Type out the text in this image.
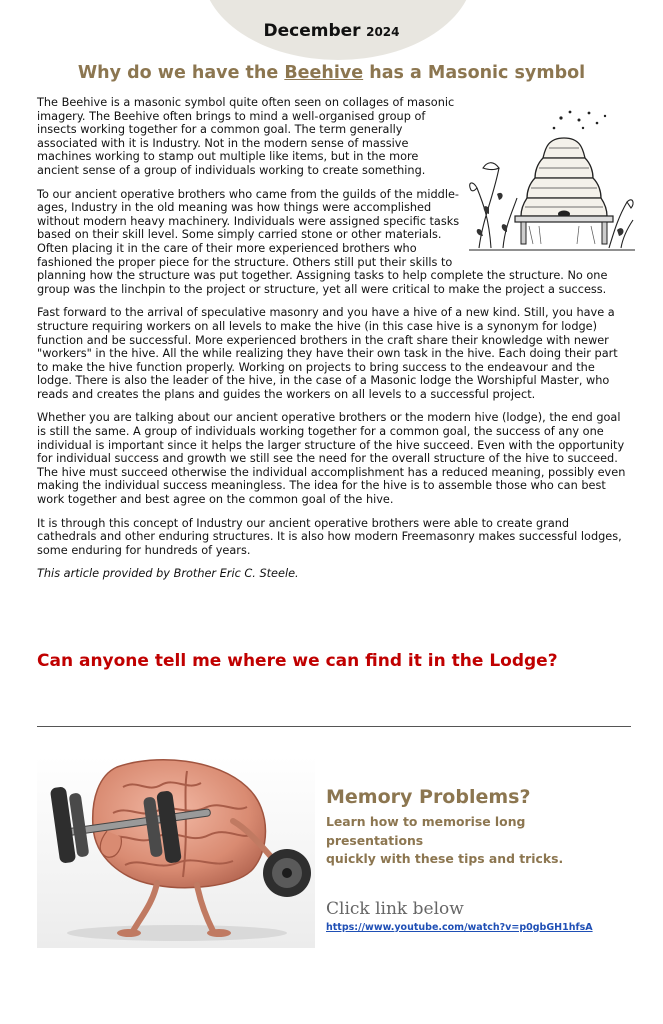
December 2024
Why do we have the Beehive has a Masonic symbol

The Beehive is a masonic symbol quite often seen on collages of masonic imagery. The Beehive often brings to mind a well-organised group of insects working together for a common goal. The term generally associated with it is Industry. Not in the modern sense of massive machines working to stamp out multiple like items, but in the more ancient sense of a group of individuals working to create something.

To our ancient operative brothers who came from the guilds of the middle-ages, Industry in the old meaning was how things were accomplished without modern heavy machinery. Individuals were assigned specific tasks based on their skill level. Some simply carried stone or other materials. Often placing it in the care of their more experienced brothers who fashioned the proper piece for the structure. Others still put their skills to planning how the structure was put together. Assigning tasks to help complete the structure. No one group was the linchpin to the project or structure, yet all were critical to make the project a success.

Fast forward to the arrival of speculative masonry and you have a hive of a new kind. Still, you have a structure requiring workers on all levels to make the hive (in this case hive is a synonym for lodge) function and be successful. More experienced brothers in the craft share their knowledge with newer "workers" in the hive. All the while realizing they have their own task in the hive. Each doing their part to make the hive function properly. Working on projects to bring success to the endeavour and the lodge. There is also the leader of the hive, in the case of a Masonic lodge the Worshipful Master, who reads and creates the plans and guides the workers on all levels to a successful project.

Whether you are talking about our ancient operative brothers or the modern hive (lodge), the end goal is still the same. A group of individuals working together for a common goal, the success of any one individual is important since it helps the larger structure of the hive succeed. Even with the opportunity for individual success and growth we still see the need for the overall structure of the hive to succeed. The hive must succeed otherwise the individual accomplishment has a reduced meaning, possibly even making the individual success meaningless. The idea for the hive is to assemble those who can best work together and best agree on the common goal of the hive.

It is through this concept of Industry our ancient operative brothers were able to create grand cathedrals and other enduring structures. It is also how modern Freemasonry makes successful lodges, some enduring for hundreds of years.

This article provided by Brother Eric C. Steele.

Can anyone tell me where we can find it in the Lodge?
Memory Problems?
Learn how to memorise long presentations
quickly with these tips and tricks.
Click link below
https://www.youtube.com/watch?v=p0gbGH1hfsA
